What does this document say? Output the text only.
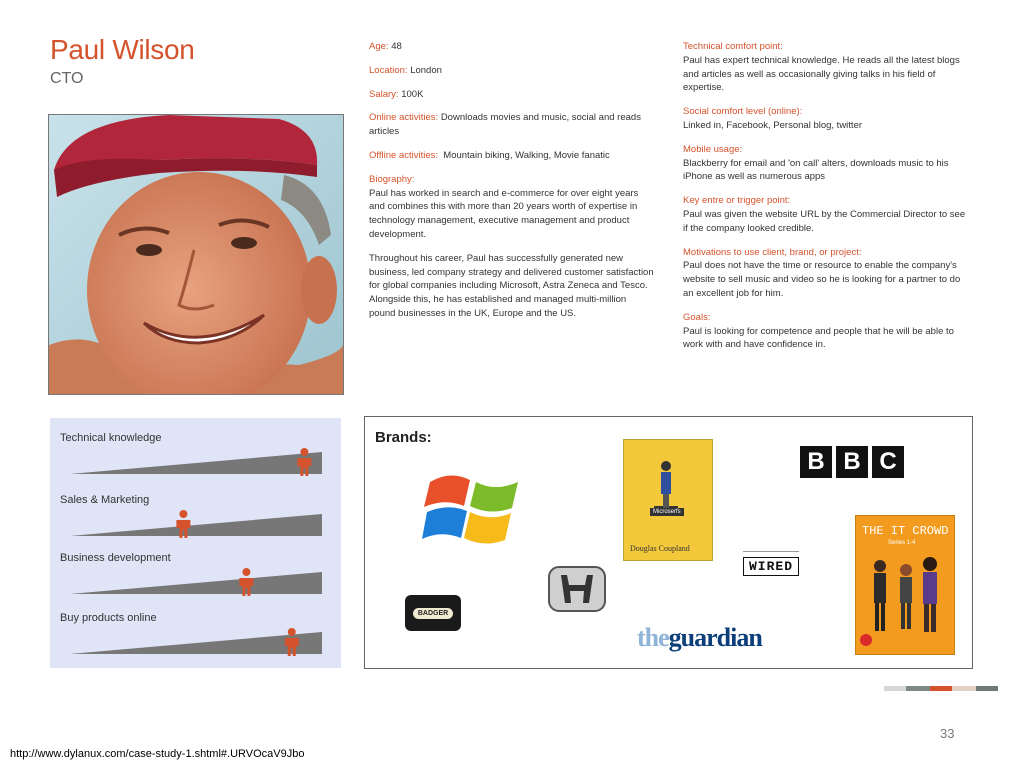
Paul Wilson
CTO

Age: 48

Location: London

Salary: 100K

Online activities: Downloads movies and music, social and reads articles

Offline activities: Mountain biking, Walking, Movie fanatic

Biography:

Paul has worked in search and e-commerce for over eight years and combines this with more than 20 years worth of expertise in technology management, executive management and product development.

Throughout his career, Paul has successfully generated new business, led company strategy and delivered customer satisfaction for global companies including Microsoft, Astra Zeneca and Tesco. Alongside this, he has established and managed multi-million pound businesses in the UK, Europe and the US.

Technical comfort point:

Paul has expert technical knowledge. He reads all the latest blogs and articles as well as occasionally giving talks in his field of expertise.

Social comfort level (online):

Linked in, Facebook, Personal blog, twitter

Mobile usage:

Blackberry for email and 'on call' alters, downloads music to his iPhone as well as numerous apps

Key entre or trigger point:

Paul was given the website URL by the Commercial Director to see if the company looked credible.

Motivations to use client, brand, or project:

Paul does not have the time or resource to enable the company's website to sell music and video so he is looking for a partner to do an excellent job for him.

Goals:

Paul is looking for competence and people that he will be able to work with and have confidence in.

Technical knowledge
Sales & Marketing
Business development
Buy products online
Brands:
Microserfs
Douglas Coupland
B B C
WIRED
THE IT CROWD
Series 1-4
BADGER
theguardian
33
http://www.dylanux.com/case-study-1.shtml#.URVOcaV9Jbo
